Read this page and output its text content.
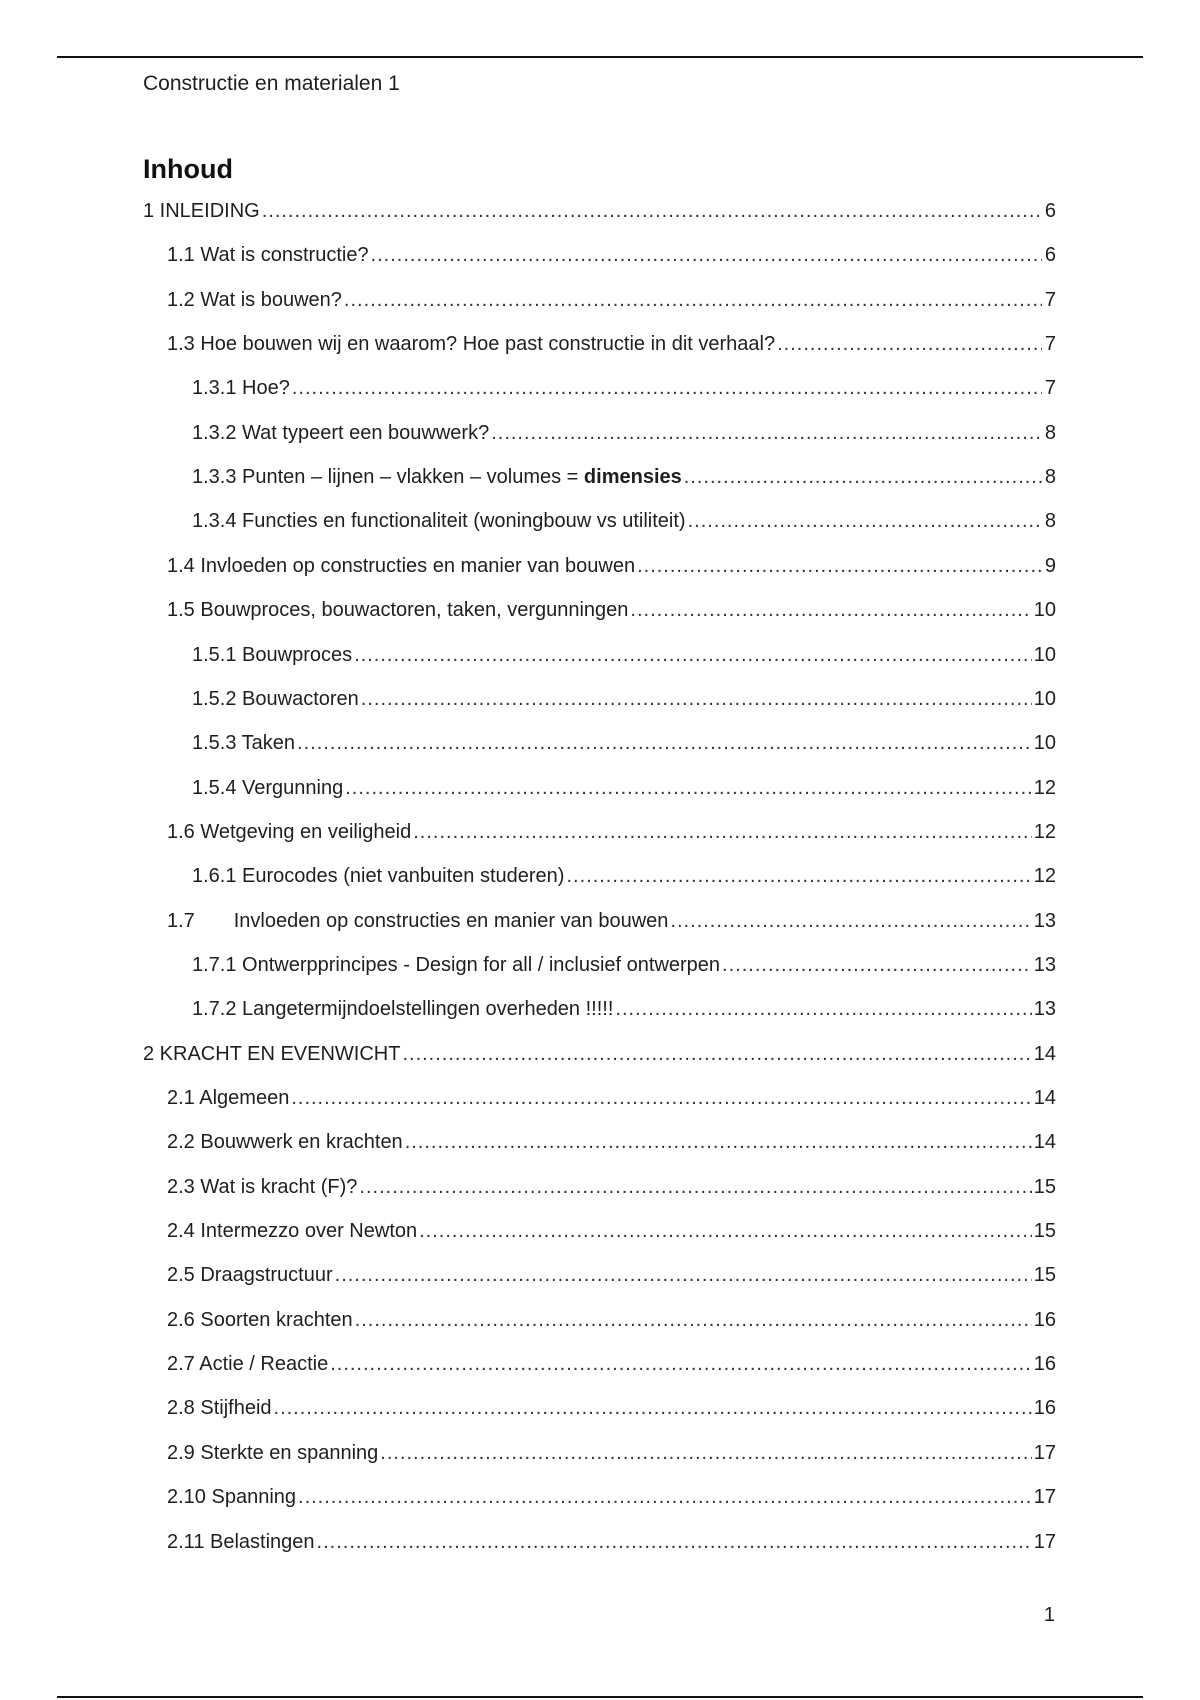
Constructie en materialen 1
Inhoud
1 INLEIDING .....	6
1.1 Wat is constructie? .....	6
1.2 Wat is bouwen? .....	7
1.3 Hoe bouwen wij en waarom? Hoe past constructie in dit verhaal? .....	7
1.3.1 Hoe? .....	7
1.3.2 Wat typeert een bouwwerk? .....	8
1.3.3 Punten – lijnen – vlakken – volumes = dimensies .....	8
1.3.4 Functies en functionaliteit (woningbouw vs utiliteit) .....	8
1.4 Invloeden op constructies en manier van bouwen .....	9
1.5 Bouwproces, bouwactoren, taken, vergunningen .....	10
1.5.1 Bouwproces .....	10
1.5.2 Bouwactoren .....	10
1.5.3 Taken .....	10
1.5.4 Vergunning .....	12
1.6 Wetgeving en veiligheid .....	12
1.6.1 Eurocodes (niet vanbuiten studeren) .....	12
1.7       Invloeden op constructies en manier van bouwen .....	13
1.7.1 Ontwerpprincipes - Design for all / inclusief ontwerpen .....	13
1.7.2 Langetermijndoelstellingen overheden !!!!! .....	13
2 KRACHT EN EVENWICHT .....	14
2.1 Algemeen .....	14
2.2 Bouwwerk en krachten .....	14
2.3 Wat is kracht (F)? .....	15
2.4 Intermezzo over Newton .....	15
2.5 Draagstructuur .....	15
2.6 Soorten krachten .....	16
2.7 Actie / Reactie .....	16
2.8 Stijfheid .....	16
2.9 Sterkte en spanning .....	17
2.10 Spanning .....	17
2.11 Belastingen .....	17
1
